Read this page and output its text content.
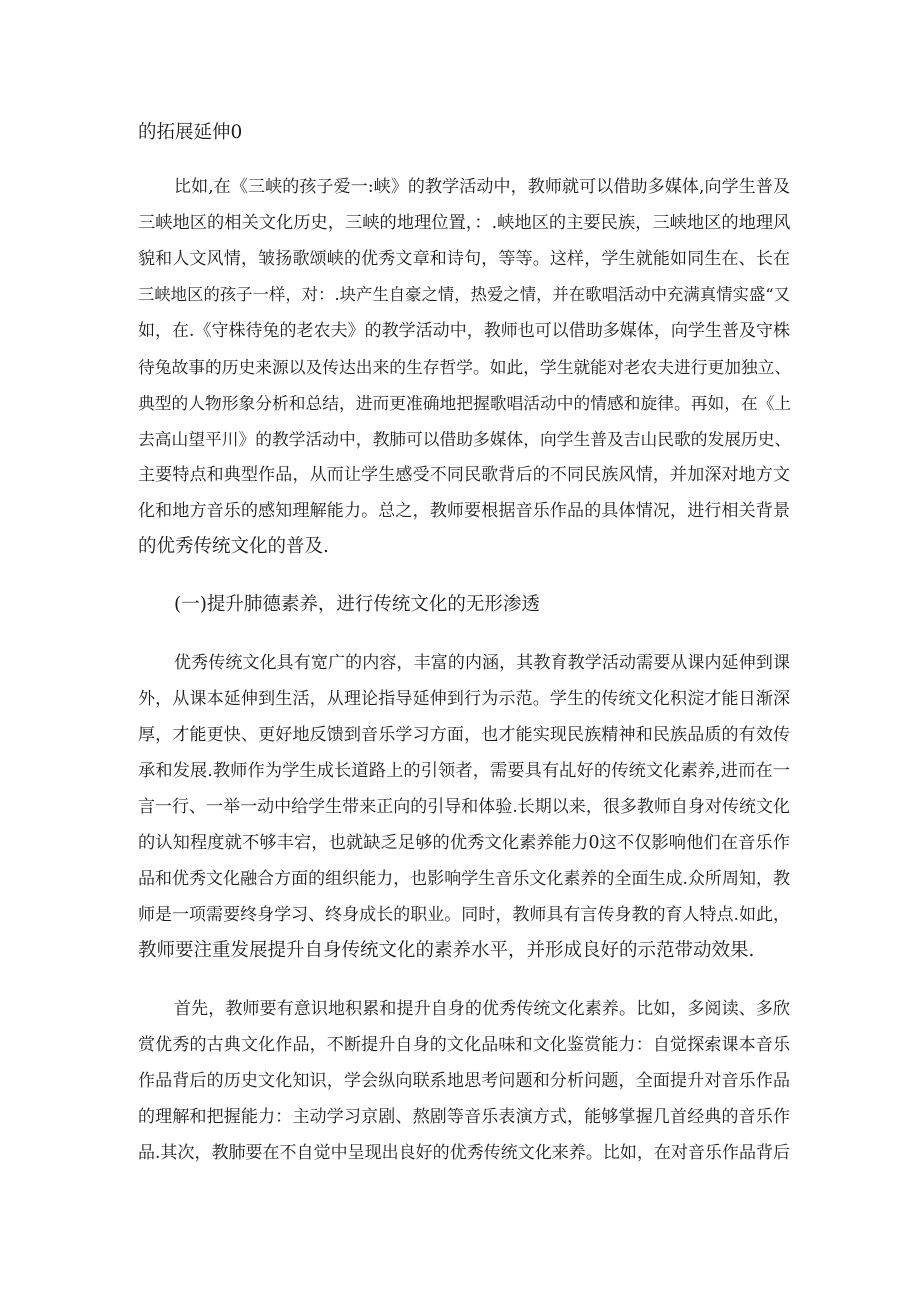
的拓展延伸0
比如,在《三峡的孩子爱一:峡》的教学活动中，教师就可以借助多媒体,向学生普及
三峡地区的相关文化历史，三峡的地理位置，：.峡地区的主要民族，三峡地区的地理风
貌和人文风情，皱扬歌颂峡的优秀文章和诗句，等等。这样，学生就能如同生在、长在
三峡地区的孩子一样，对：.块产生自豪之情，热爱之情，并在歌唱活动中充满真情实盛“又
如，在.《守株待兔的老农夫》的教学活动中，教师也可以借助多媒体，向学生普及守株
待兔故事的历史来源以及传达出来的生存哲学。如此，学生就能对老农夫进行更加独立、
典型的人物形象分析和总结，进而更准确地把握歌唱活动中的情感和旋律。再如，在《上
去高山望平川》的教学活动中，教肺可以借助多媒体，向学生普及吉山民歌的发展历史、
主要特点和典型作品，从而让学生感受不同民歌背后的不同民族风情，并加深对地方文
化和地方音乐的感知理解能力。总之，教师要根据音乐作品的具体情况，进行相关背景
的优秀传统文化的普及.
(一)提升肺德素养，进行传统文化的无形渗透
优秀传统文化具有宽广的内容，丰富的内涵，其教育教学活动需要从课内延伸到课
外，从课本延伸到生活，从理论指导延伸到行为示范。学生的传统文化积淀才能日渐深
厚，才能更快、更好地反馈到音乐学习方面，也才能实现民族精神和民族品质的有效传
承和发展.教师作为学生成长道路上的引领者，需要具有乩好的传统文化素养,进而在一
言一行、一举一动中给学生带来正向的引导和体验.长期以来，很多教师自身对传统文化
的认知程度就不够丰宕，也就缺乏足够的优秀文化素养能力0这不仅影响他们在音乐作
品和优秀文化融合方面的组织能力，也影响学生音乐文化素养的全面生成.众所周知，教
师是一项需要终身学习、终身成长的职业。同时，教师具有言传身教的育人特点.如此，
教师要注重发展提升自身传统文化的素养水平，并形成良好的示范带动效果.
首先，教师要有意识地积累和提升自身的优秀传统文化素养。比如，多阅读、多欣
赏优秀的古典文化作品，不断提升自身的文化品味和文化鉴赏能力：自觉探索课本音乐
作品背后的历史文化知识，学会纵向联系地思考问题和分析问题，全面提升对音乐作品
的理解和把握能力：主动学习京剧、熬剧等音乐表演方式，能够掌握几首经典的音乐作
品.其次，教肺要在不自觉中呈现出良好的优秀传统文化来养。比如，在对音乐作品背后
